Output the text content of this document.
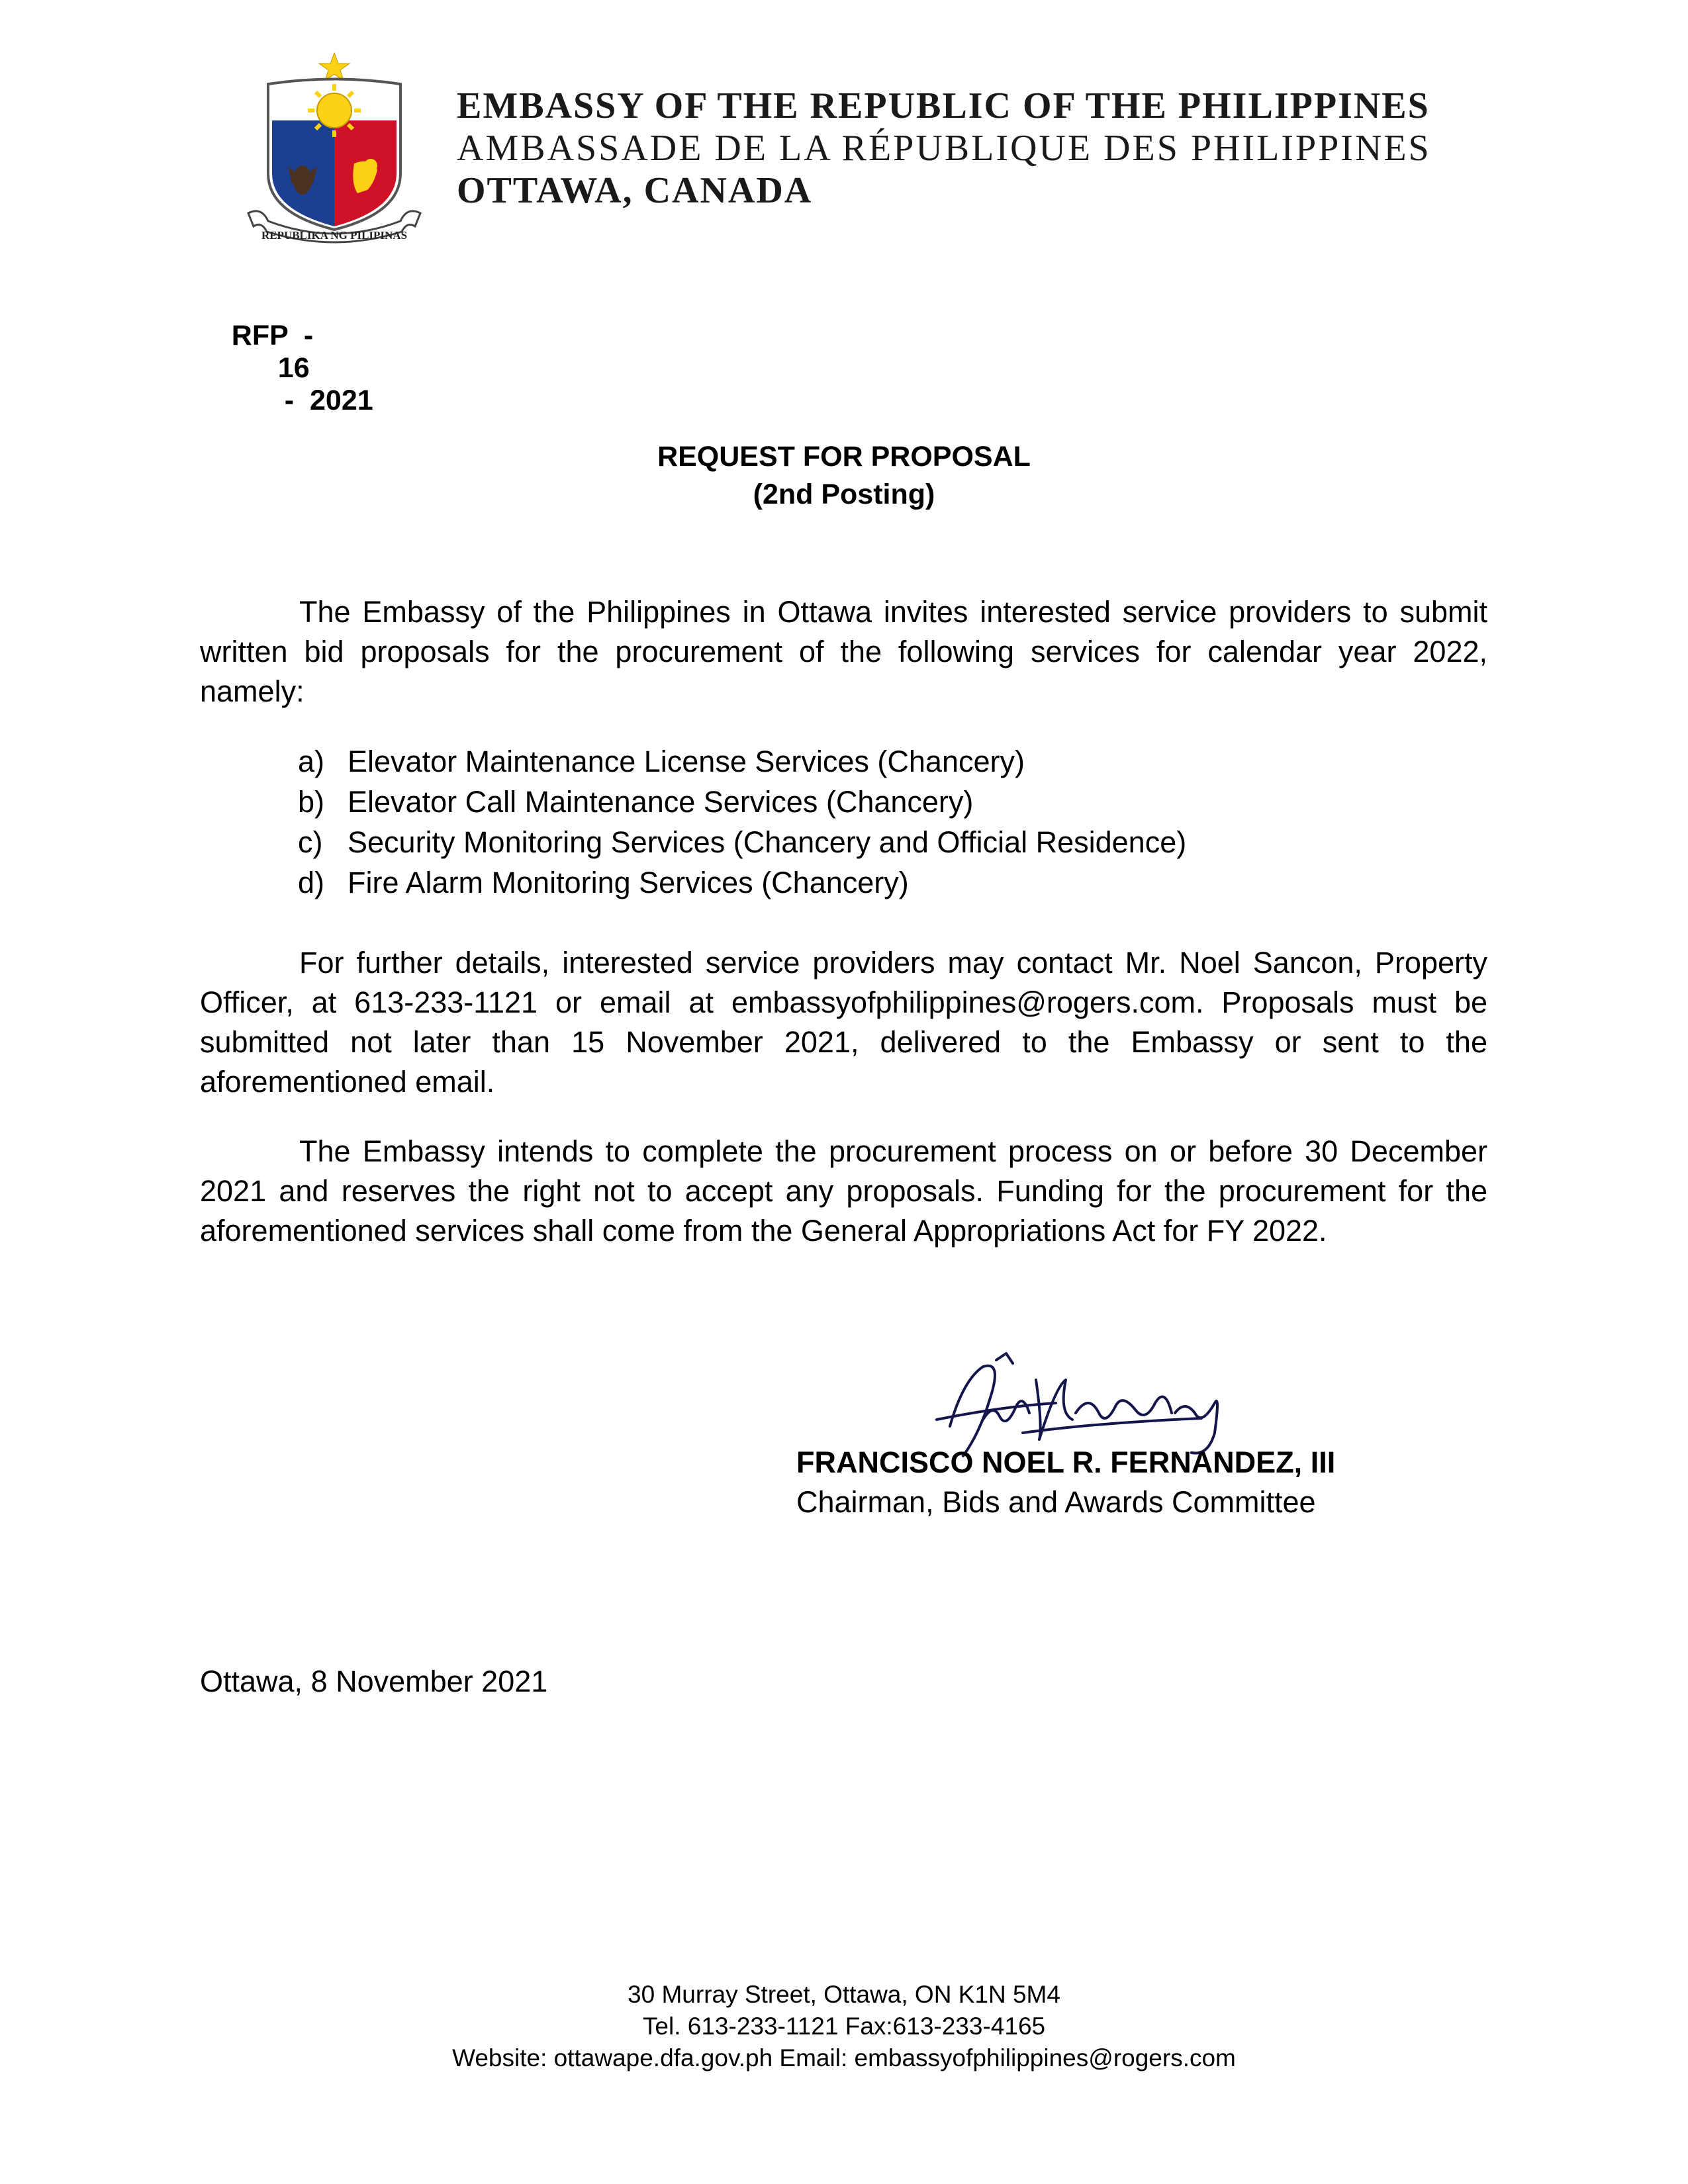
REPUBLIKA NG PILIPINAS
EMBASSY OF THE REPUBLIC OF THE PHILIPPINES
AMBASSADE DE LA RÉPUBLIQUE DES PHILIPPINES
OTTAWA, CANADA

RFP  -
16
-  2021

REQUEST FOR PROPOSAL
(2nd Posting)
The Embassy of the Philippines in Ottawa invites interested service providers to submit written bid proposals for the procurement of the following services for calendar year 2022, namely:
a) Elevator Maintenance License Services (Chancery)
b) Elevator Call Maintenance Services (Chancery)
c) Security Monitoring Services (Chancery and Official Residence)
d) Fire Alarm Monitoring Services (Chancery)
For further details, interested service providers may contact Mr. Noel Sancon, Property Officer, at 613-233-1121 or email at embassyofphilippines@rogers.com. Proposals must be submitted not later than 15 November 2021, delivered to the Embassy or sent to the aforementioned email.
The Embassy intends to complete the procurement process on or before 30 December 2021 and reserves the right not to accept any proposals. Funding for the procurement for the aforementioned services shall come from the General Appropriations Act for FY 2022.
FRANCISCO NOEL R. FERNANDEZ, III
Chairman, Bids and Awards Committee
Ottawa, 8 November 2021
30 Murray Street, Ottawa, ON K1N 5M4
Tel. 613-233-1121 Fax:613-233-4165
Website: ottawape.dfa.gov.ph Email: embassyofphilippines@rogers.com
